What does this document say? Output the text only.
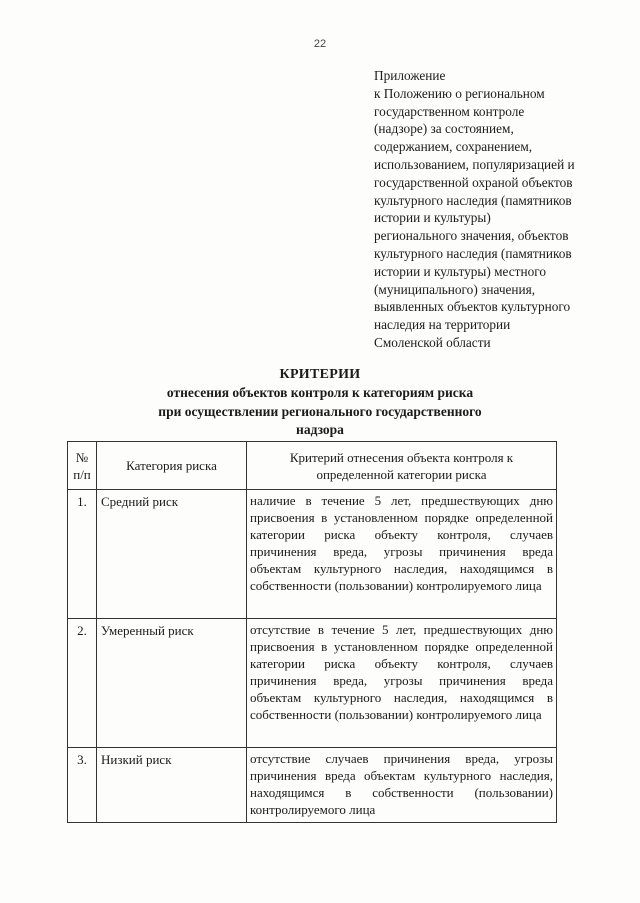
22
Приложение
к Положению о региональном
государственном контроле
(надзоре) за состоянием,
содержанием, сохранением,
использованием, популяризацией и
государственной охраной объектов
культурного наследия (памятников
истории и культуры)
регионального значения, объектов
культурного наследия (памятников
истории и культуры) местного
(муниципального) значения,
выявленных объектов культурного
наследия на территории
Смоленской области
КРИТЕРИИ
отнесения объектов контроля к категориям риска
при осуществлении регионального государственного
надзора
№ п/п	Категория риска	Критерий отнесения объекта контроля к определенной категории риска
1.	Средний риск	наличие в течение 5 лет, предшествующих дню присвоения в установленном порядке определенной категории риска объекту контроля, случаев причинения вреда, угрозы причинения вреда объектам культурного наследия, находящимся в собственности (пользовании) контролируемого лица
2.	Умеренный риск	отсутствие в течение 5 лет, предшествующих дню присвоения в установленном порядке определенной категории риска объекту контроля, случаев причинения вреда, угрозы причинения вреда объектам культурного наследия, находящимся в собственности (пользовании) контролируемого лица
3.	Низкий риск	отсутствие случаев причинения вреда, угрозы причинения вреда объектам культурного наследия, находящимся в собственности (пользовании) контролируемого лица
